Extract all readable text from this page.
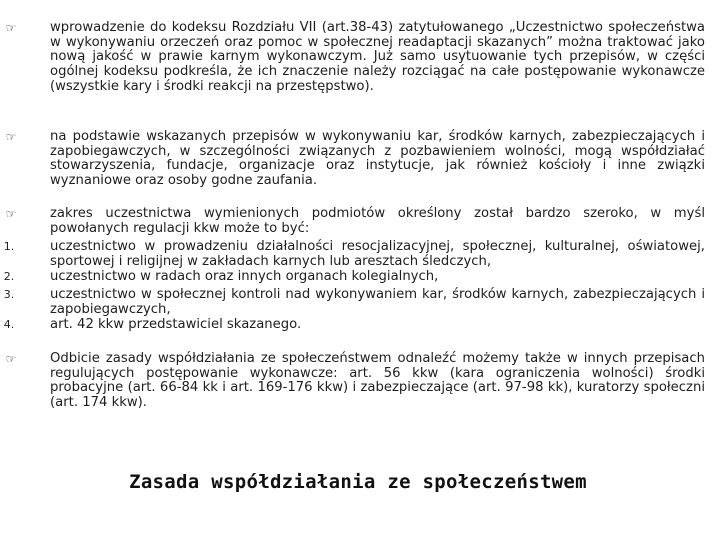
☞	wprowadzenie do kodeksu Rozdziału VII (art.38-43) zatytułowanego „Uczestnictwo społeczeństwa w wykonywaniu orzeczeń oraz pomoc w społecznej readaptacji skazanych” można traktować jako nową jakość w prawie karnym wykonawczym. Już samo usytuowanie tych przepisów, w części ogólnej kodeksu podkreśla, że ich znaczenie należy rozciągać na całe postępowanie wykonawcze (wszystkie kary i środki reakcji na przestępstwo).
☞	na podstawie wskazanych przepisów w wykonywaniu kar, środków karnych, zabezpieczających i zapobiegawczych, w szczególności związanych z pozbawieniem wolności, mogą współdziałać stowarzyszenia, fundacje, organizacje oraz instytucje, jak również kościoły i inne związki wyznaniowe oraz osoby godne zaufania.
☞	zakres uczestnictwa wymienionych podmiotów określony został bardzo szeroko, w myśl powołanych regulacji kkw może to być:
1.	uczestnictwo w prowadzeniu działalności resocjalizacyjnej, społecznej, kulturalnej, oświatowej, sportowej i religijnej w zakładach karnych lub aresztach śledczych,
2.	uczestnictwo w radach oraz innych organach kolegialnych,
3.	uczestnictwo w społecznej kontroli nad wykonywaniem kar, środków karnych, zabezpieczających i zapobiegawczych,
4.	art. 42 kkw przedstawiciel skazanego.
☞	Odbicie zasady współdziałania ze społeczeństwem odnaleźć możemy także w innych przepisach regulujących postępowanie wykonawcze: art. 56 kkw (kara ograniczenia wolności) środki probacyjne (art. 66-84 kk i art. 169-176 kkw) i zabezpieczające (art. 97-98 kk), kuratorzy społeczni (art. 174 kkw).
Zasada współdziałania ze społeczeństwem
